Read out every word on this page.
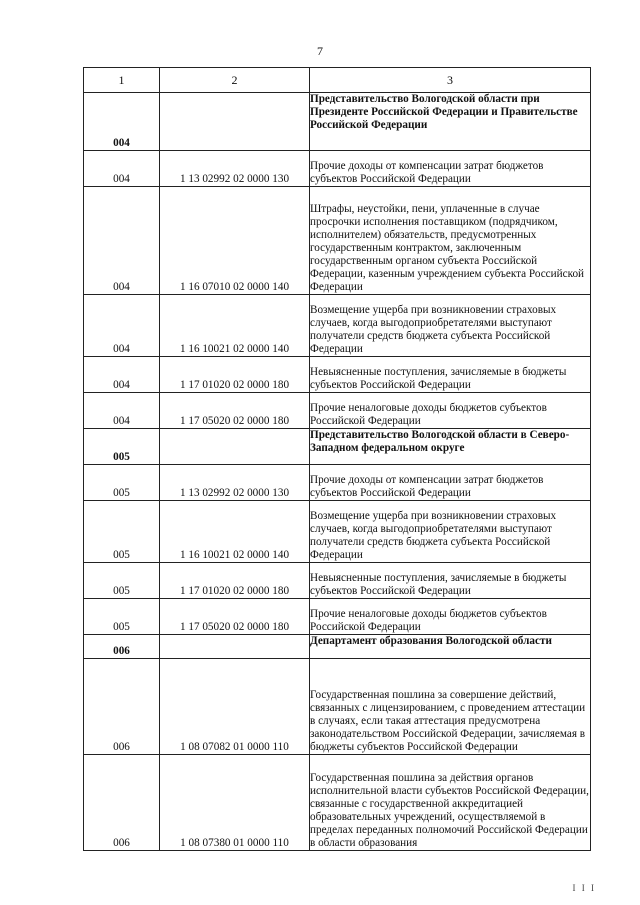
7
1	2	3
004		Представительство Вологодской области при Президенте Российской Федерации и Правительстве Российской Федерации
004	1 13 02992 02 0000 130	Прочие доходы от компенсации затрат бюджетов субъектов Российской Федерации
004	1 16 07010 02 0000 140	Штрафы, неустойки, пени, уплаченные в случае просрочки исполнения поставщиком (подрядчиком, исполнителем) обязательств, предусмотренных государственным контрактом, заключенным государственным органом субъекта Российской Федерации, казенным учреждением субъекта Российской Федерации
004	1 16 10021 02 0000 140	Возмещение ущерба при возникновении страховых случаев, когда выгодоприобретателями выступают получатели средств бюджета субъекта Российской Федерации
004	1 17 01020 02 0000 180	Невыясненные поступления, зачисляемые в бюджеты субъектов Российской Федерации
004	1 17 05020 02 0000 180	Прочие неналоговые доходы бюджетов субъектов Российской Федерации
005		Представительство Вологодской области в Северо-Западном федеральном округе
005	1 13 02992 02 0000 130	Прочие доходы от компенсации затрат бюджетов субъектов Российской Федерации
005	1 16 10021 02 0000 140	Возмещение ущерба при возникновении страховых случаев, когда выгодоприобретателями выступают получатели средств бюджета субъекта Российской Федерации
005	1 17 01020 02 0000 180	Невыясненные поступления, зачисляемые в бюджеты субъектов Российской Федерации
005	1 17 05020 02 0000 180	Прочие неналоговые доходы бюджетов субъектов Российской Федерации
006		Департамент образования Вологодской области
006	1 08 07082 01 0000 110	Государственная пошлина за совершение действий, связанных с лицензированием, с проведением аттестации в случаях, если такая аттестация предусмотрена законодательством Российской Федерации, зачисляемая в бюджеты субъектов Российской Федерации
006	1 08 07380 01 0000 110	Государственная пошлина за действия органов исполнительной власти субъектов Российской Федерации, связанные с государственной аккредитацией образовательных учреждений, осуществляемой в пределах переданных полномочий Российской Федерации в области образования
I I I
